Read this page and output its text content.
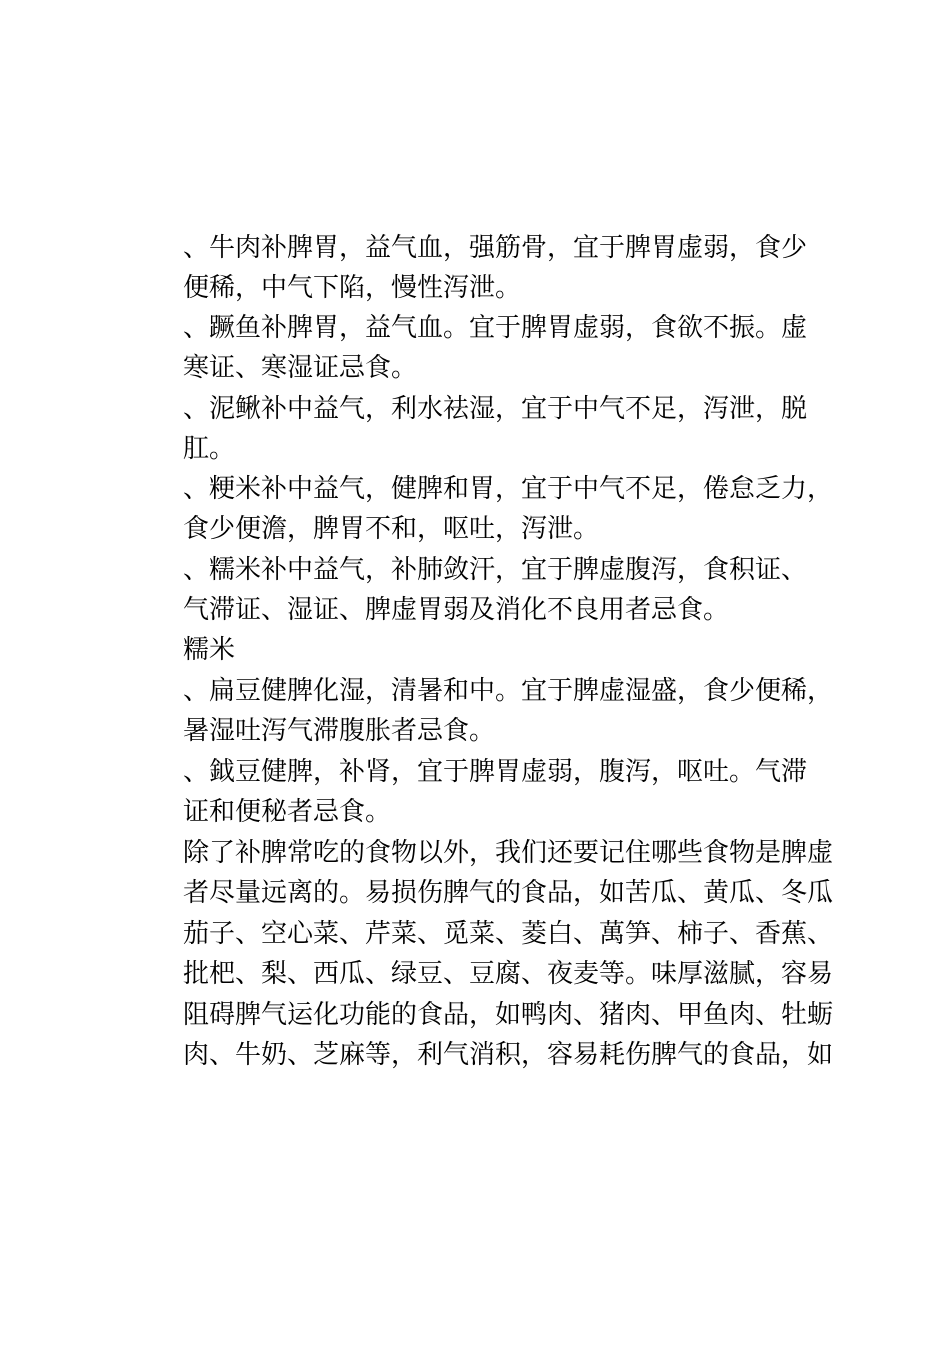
、牛肉补脾胃，益气血，强筋骨，宜于脾胃虚弱，食少
便稀，中气下陷，慢性泻泄。
、蹶鱼补脾胃，益气血。宜于脾胃虚弱，食欲不振。虚
寒证、寒湿证忌食。
、泥鳅补中益气，利水祛湿，宜于中气不足，泻泄，脱
肛。
、粳米补中益气，健脾和胃，宜于中气不足，倦怠乏力，
食少便澹，脾胃不和，呕吐，泻泄。
、糯米补中益气，补肺敛汗，宜于脾虚腹泻，食积证、
气滞证、湿证、脾虚胃弱及消化不良用者忌食。
糯米
、扁豆健脾化湿，清暑和中。宜于脾虚湿盛，食少便稀，
暑湿吐泻气滞腹胀者忌食。
、鉞豆健脾，补肾，宜于脾胃虚弱，腹泻，呕吐。气滞
证和便秘者忌食。
除了补脾常吃的食物以外，我们还要记住哪些食物是脾虚
者尽量远离的。易损伤脾气的食品，如苦瓜、黄瓜、冬瓜
茄子、空心菜、芹菜、觅菜、菱白、萬笋、柿子、香蕉、
批杷、梨、西瓜、绿豆、豆腐、夜麦等。味厚滋腻，容易
阻碍脾气运化功能的食品，如鸭肉、猪肉、甲鱼肉、牡蛎
肉、牛奶、芝麻等，利气消积，容易耗伤脾气的食品，如
